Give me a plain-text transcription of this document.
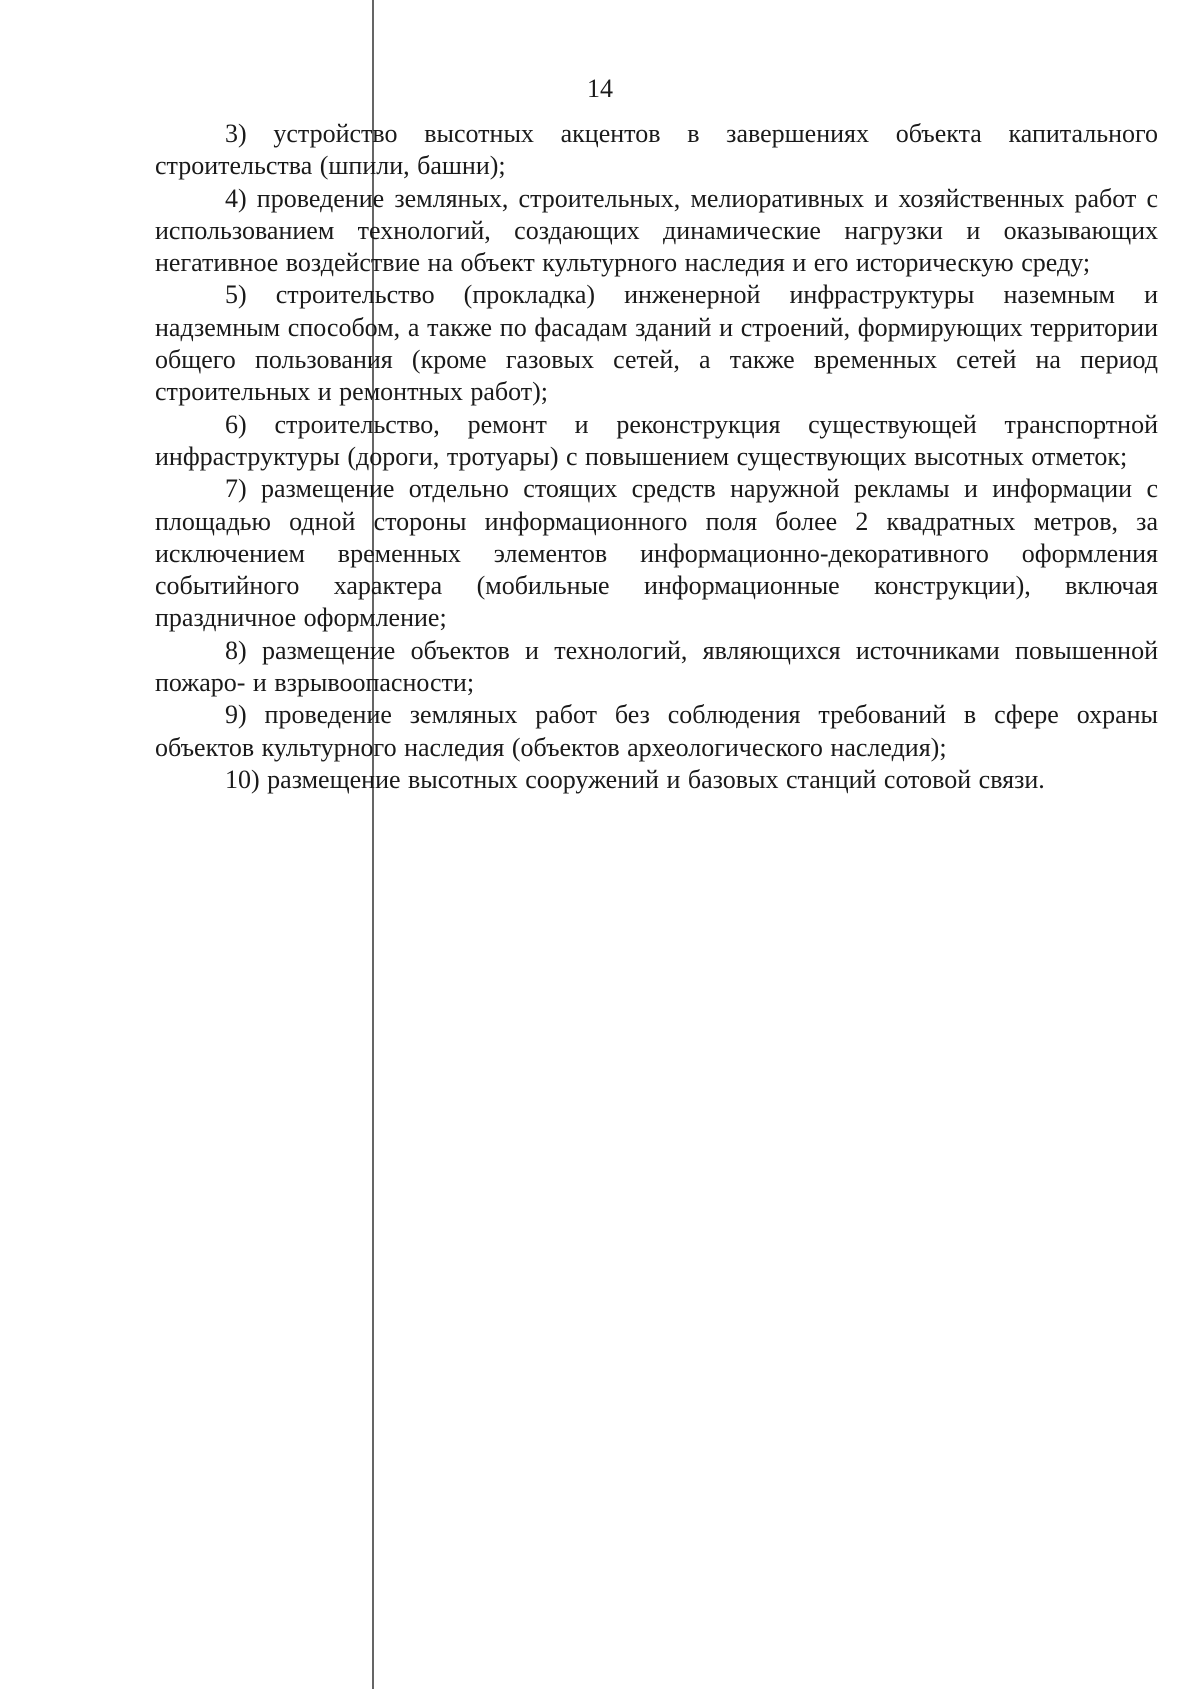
14

3) устройство высотных акцентов в завершениях объекта капитального строительства (шпили, башни);

4) проведение земляных, строительных, мелиоративных и хозяйственных работ с использованием технологий, создающих динамические нагрузки и оказывающих негативное воздействие на объект культурного наследия и его историческую среду;

5) строительство (прокладка) инженерной инфраструктуры наземным и надземным способом, а также по фасадам зданий и строений, формирующих территории общего пользования (кроме газовых сетей, а также временных сетей на период строительных и ремонтных работ);

6) строительство, ремонт и реконструкция существующей транспортной инфраструктуры (дороги, тротуары) с повышением существующих высотных отметок;

7) размещение отдельно стоящих средств наружной рекламы и информации с площадью одной стороны информационного поля более 2 квадратных метров, за исключением временных элементов информационно-декоративного оформления событийного характера (мобильные информационные конструкции), включая праздничное оформление;

8) размещение объектов и технологий, являющихся источниками повышенной пожаро- и взрывоопасности;

9) проведение земляных работ без соблюдения требований в сфере охраны объектов культурного наследия (объектов археологического наследия);

10) размещение высотных сооружений и базовых станций сотовой связи.
